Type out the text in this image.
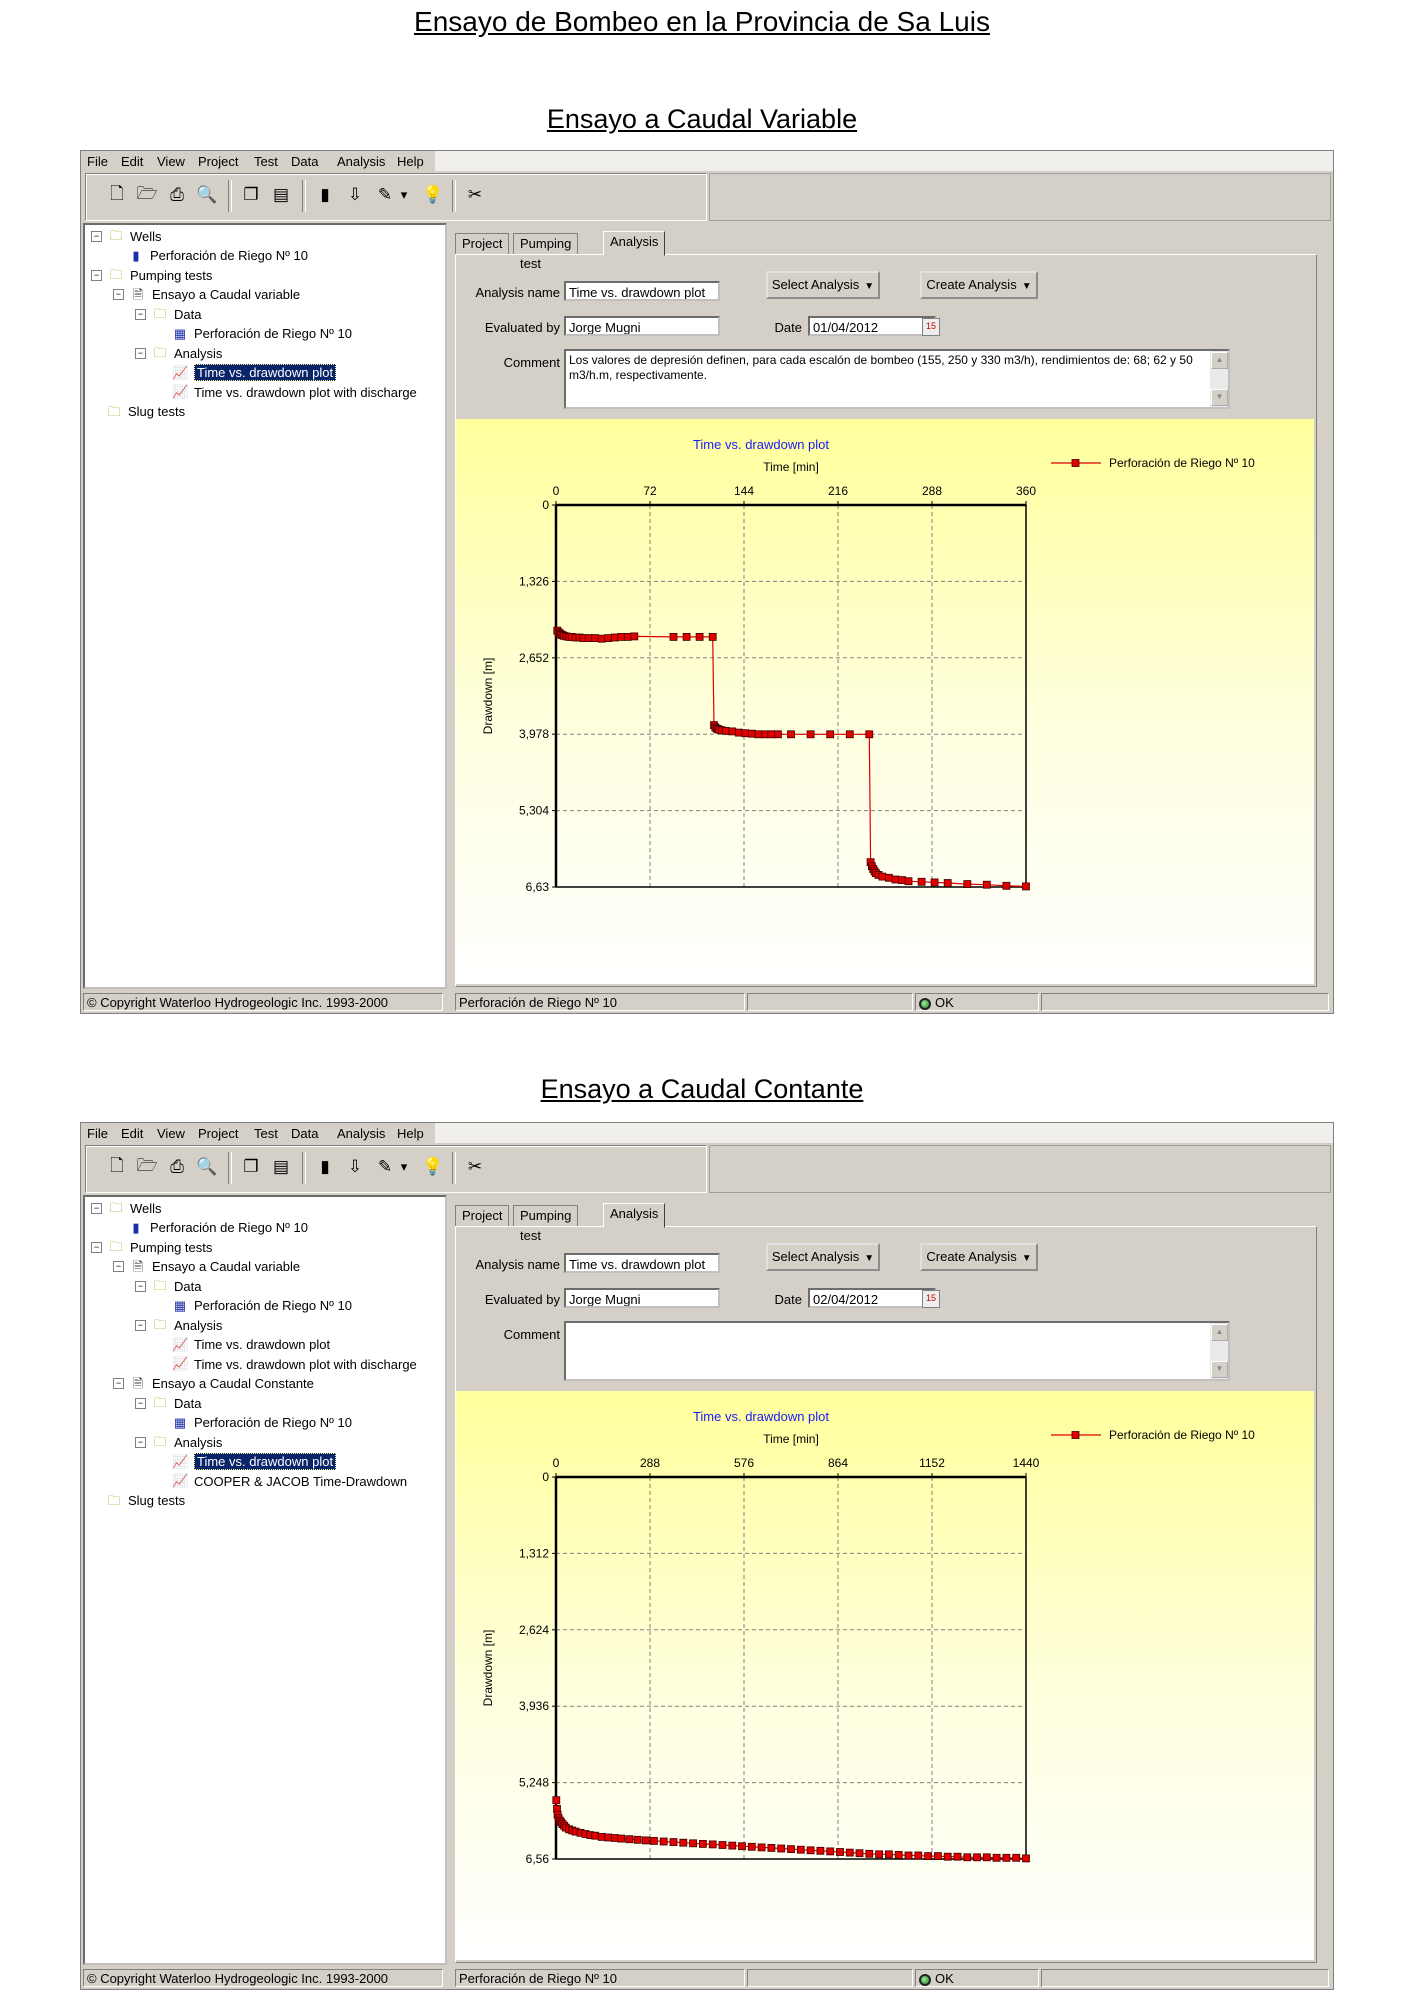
Ensayo de Bombeo en la Provincia de Sa Luis
Ensayo a Caudal Variable
File Edit View Project Test Data Analysis Help
🗋 🗁 ⎙ 🔍	❐ ▤	▮	⇩ ✎ ▾ 💡	✂
− 🗀 Wells
▮ Perforación de Riego Nº 10
− 🗀 Pumping tests
− 🗎 Ensayo a Caudal variable
− 🗀 Data
▦ Perforación de Riego Nº 10
− 🗀 Analysis
📈 Time vs. drawdown plot
📈 Time vs. drawdown plot with discharge
🗀 Slug tests
Project	Pumping test
Analysis
Analysis name Time vs. drawdown plot
Evaluated by Jorge Mugni	Date 01/04/2012	15
Select Analysis ▼	Create Analysis ▼
Comment Los valores de depresión definen, para cada escalón de bombeo (155, 250 y 330 m3/h), rendimientos de: 68; 62 y 50 m3/h.m, respectivamente.
▲
▼
Time vs. drawdown plot
Time [min]
Drawdown [m]
0	72	144	216	288	360
0
1,326
2,652
3,978
5,304
6,63
Perforación de Riego Nº 10
© Copyright Waterloo Hydrogeologic Inc. 1993-2000	Perforación de Riego Nº 10	OK
Ensayo a Caudal Contante
File Edit View Project Test Data Analysis Help
🗋 🗁 ⎙ 🔍	❐ ▤	▮	⇩ ✎ ▾ 💡	✂
− 🗀 Wells
▮ Perforación de Riego Nº 10
− 🗀 Pumping tests
− 🗎 Ensayo a Caudal variable
− 🗀 Data
▦ Perforación de Riego Nº 10
− 🗀 Analysis
📈 Time vs. drawdown plot
📈 Time vs. drawdown plot with discharge
− 🗎 Ensayo a Caudal Constante
− 🗀 Data
▦ Perforación de Riego Nº 10
− 🗀 Analysis
📈 Time vs. drawdown plot
📈 COOPER & JACOB Time-Drawdown
🗀 Slug tests
Project	Pumping test
Analysis
Analysis name Time vs. drawdown plot
Evaluated by Jorge Mugni	Date 02/04/2012	15
Select Analysis ▼	Create Analysis ▼
Comment	▲
▼
Time vs. drawdown plot
Time [min]
Drawdown [m]
0	288	576	864	1152	1440
0
1,312
2,624
3,936
5,248
6,56
Perforación de Riego Nº 10
© Copyright Waterloo Hydrogeologic Inc. 1993-2000	Perforación de Riego Nº 10	OK
